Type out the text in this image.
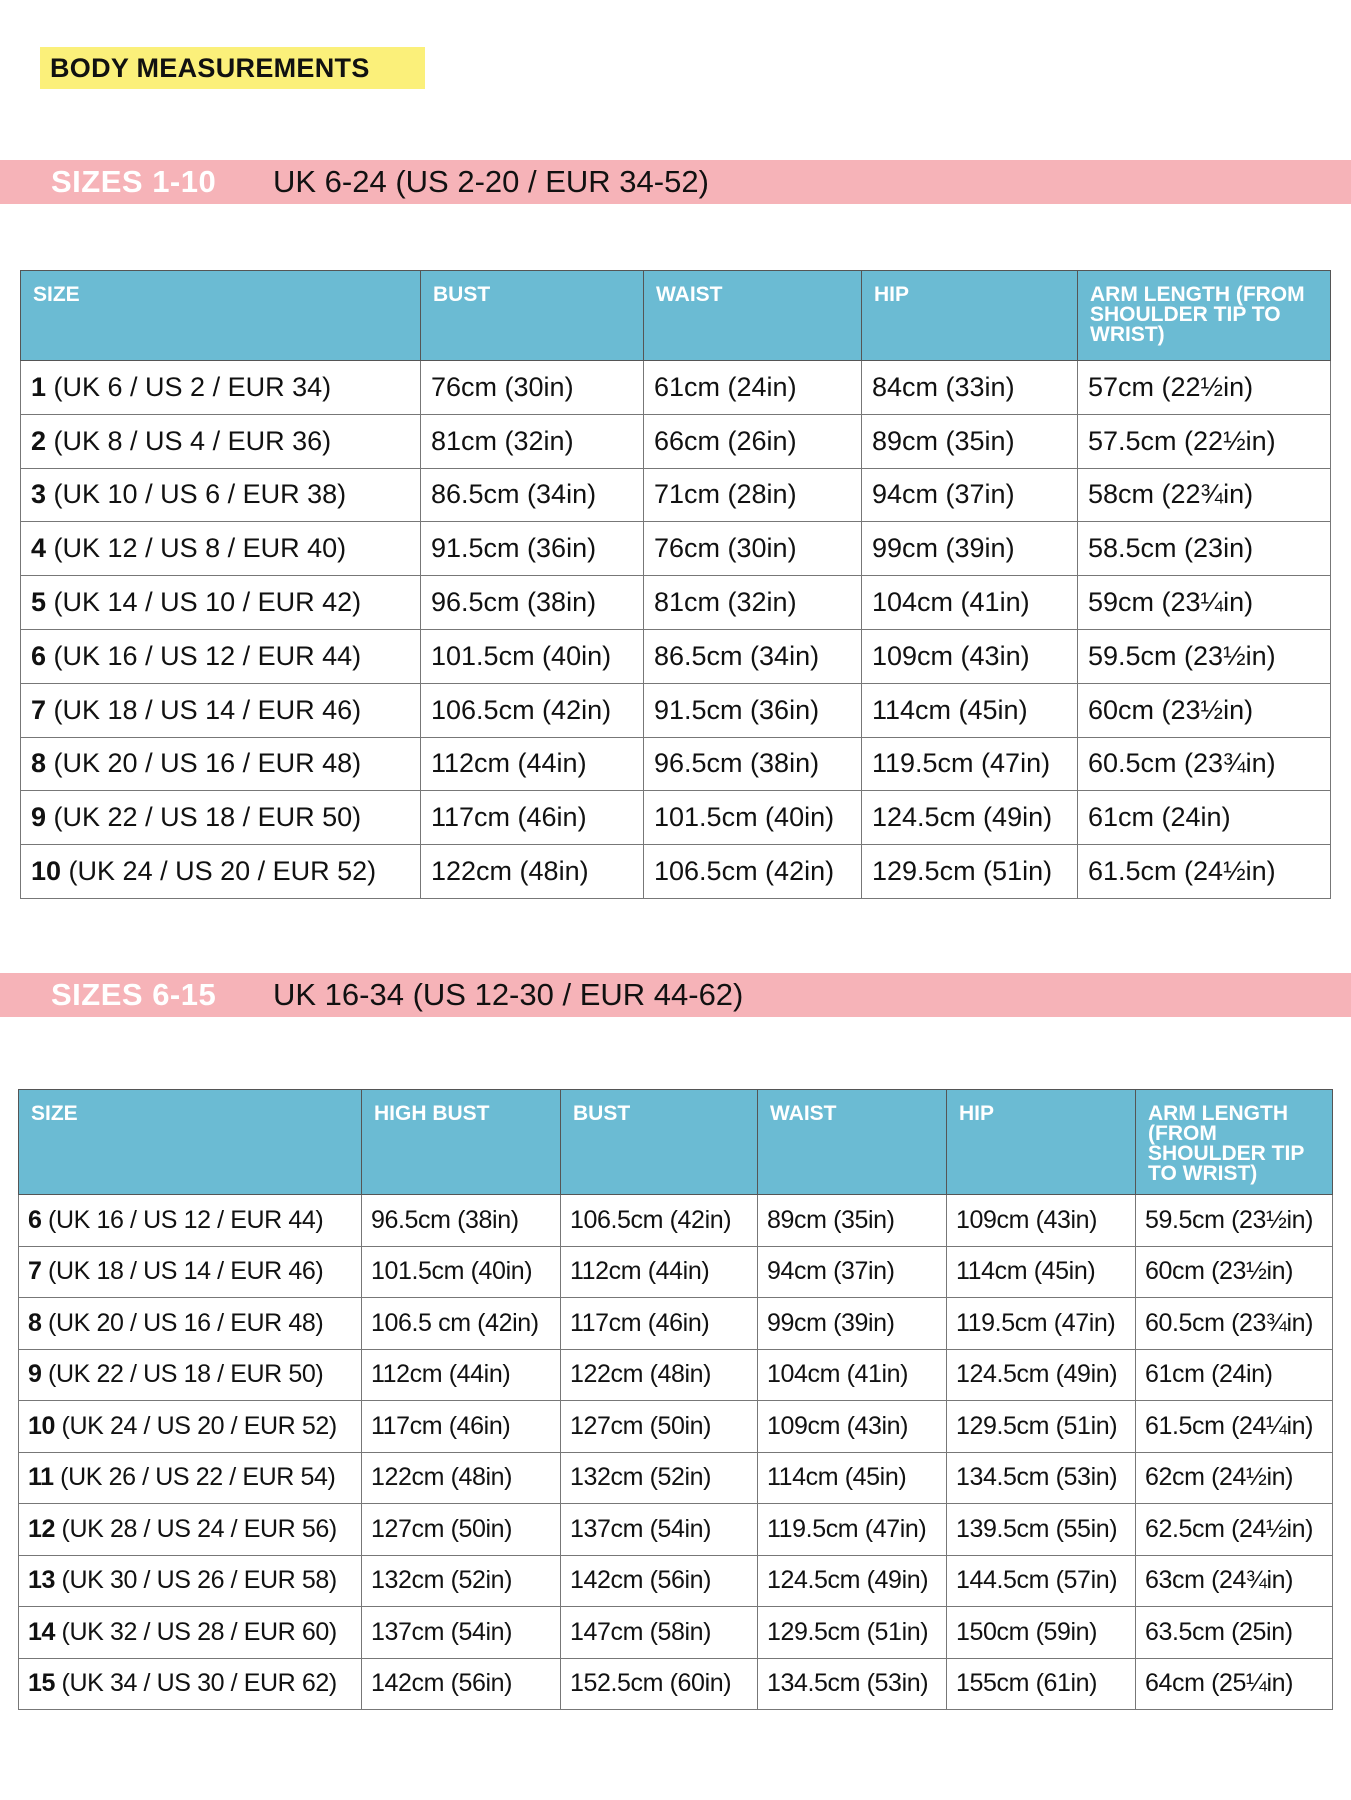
BODY MEASUREMENTS
SIZES 1-10	UK 6-24 (US 2-20 / EUR 34-52)
SIZE	BUST	WAIST	HIP	ARM LENGTH (FROM SHOULDER TIP TO WRIST)
1 (UK 6 / US 2 / EUR 34)	76cm (30in)	61cm (24in)	84cm (33in)	57cm (22½in)
2 (UK 8 / US 4 / EUR 36)	81cm (32in)	66cm (26in)	89cm (35in)	57.5cm (22½in)
3 (UK 10 / US 6 / EUR 38)	86.5cm (34in)	71cm (28in)	94cm (37in)	58cm (22¾in)
4 (UK 12 / US 8 / EUR 40)	91.5cm (36in)	76cm (30in)	99cm (39in)	58.5cm (23in)
5 (UK 14 / US 10 / EUR 42)	96.5cm (38in)	81cm (32in)	104cm (41in)	59cm (23¼in)
6 (UK 16 / US 12 / EUR 44)	101.5cm (40in)	86.5cm (34in)	109cm (43in)	59.5cm (23½in)
7 (UK 18 / US 14 / EUR 46)	106.5cm (42in)	91.5cm (36in)	114cm (45in)	60cm (23½in)
8 (UK 20 / US 16 / EUR 48)	112cm (44in)	96.5cm (38in)	119.5cm (47in)	60.5cm (23¾in)
9 (UK 22 / US 18 / EUR 50)	117cm (46in)	101.5cm (40in)	124.5cm (49in)	61cm (24in)
10 (UK 24 / US 20 / EUR 52)	122cm (48in)	106.5cm (42in)	129.5cm (51in)	61.5cm (24½in)
SIZES 6-15	UK 16-34 (US 12-30 / EUR 44-62)
SIZE	HIGH BUST	BUST	WAIST	HIP	ARM LENGTH (FROM SHOULDER TIP TO WRIST)
6 (UK 16 / US 12 / EUR 44)	96.5cm (38in)	106.5cm (42in)	89cm (35in)	109cm (43in)	59.5cm (23½in)
7 (UK 18 / US 14 / EUR 46)	101.5cm (40in)	112cm (44in)	94cm (37in)	114cm (45in)	60cm (23½in)
8 (UK 20 / US 16 / EUR 48)	106.5 cm (42in)	117cm (46in)	99cm (39in)	119.5cm (47in)	60.5cm (23¾in)
9 (UK 22 / US 18 / EUR 50)	112cm (44in)	122cm (48in)	104cm (41in)	124.5cm (49in)	61cm (24in)
10 (UK 24 / US 20 / EUR 52)	117cm (46in)	127cm (50in)	109cm (43in)	129.5cm (51in)	61.5cm (24¼in)
11 (UK 26 / US 22 / EUR 54)	122cm (48in)	132cm (52in)	114cm (45in)	134.5cm (53in)	62cm (24½in)
12 (UK 28 / US 24 / EUR 56)	127cm (50in)	137cm (54in)	119.5cm (47in)	139.5cm (55in)	62.5cm (24½in)
13 (UK 30 / US 26 / EUR 58)	132cm (52in)	142cm (56in)	124.5cm (49in)	144.5cm (57in)	63cm (24¾in)
14 (UK 32 / US 28 / EUR 60)	137cm (54in)	147cm (58in)	129.5cm (51in)	150cm (59in)	63.5cm (25in)
15 (UK 34 / US 30 / EUR 62)	142cm (56in)	152.5cm (60in)	134.5cm (53in)	155cm (61in)	64cm (25¼in)
